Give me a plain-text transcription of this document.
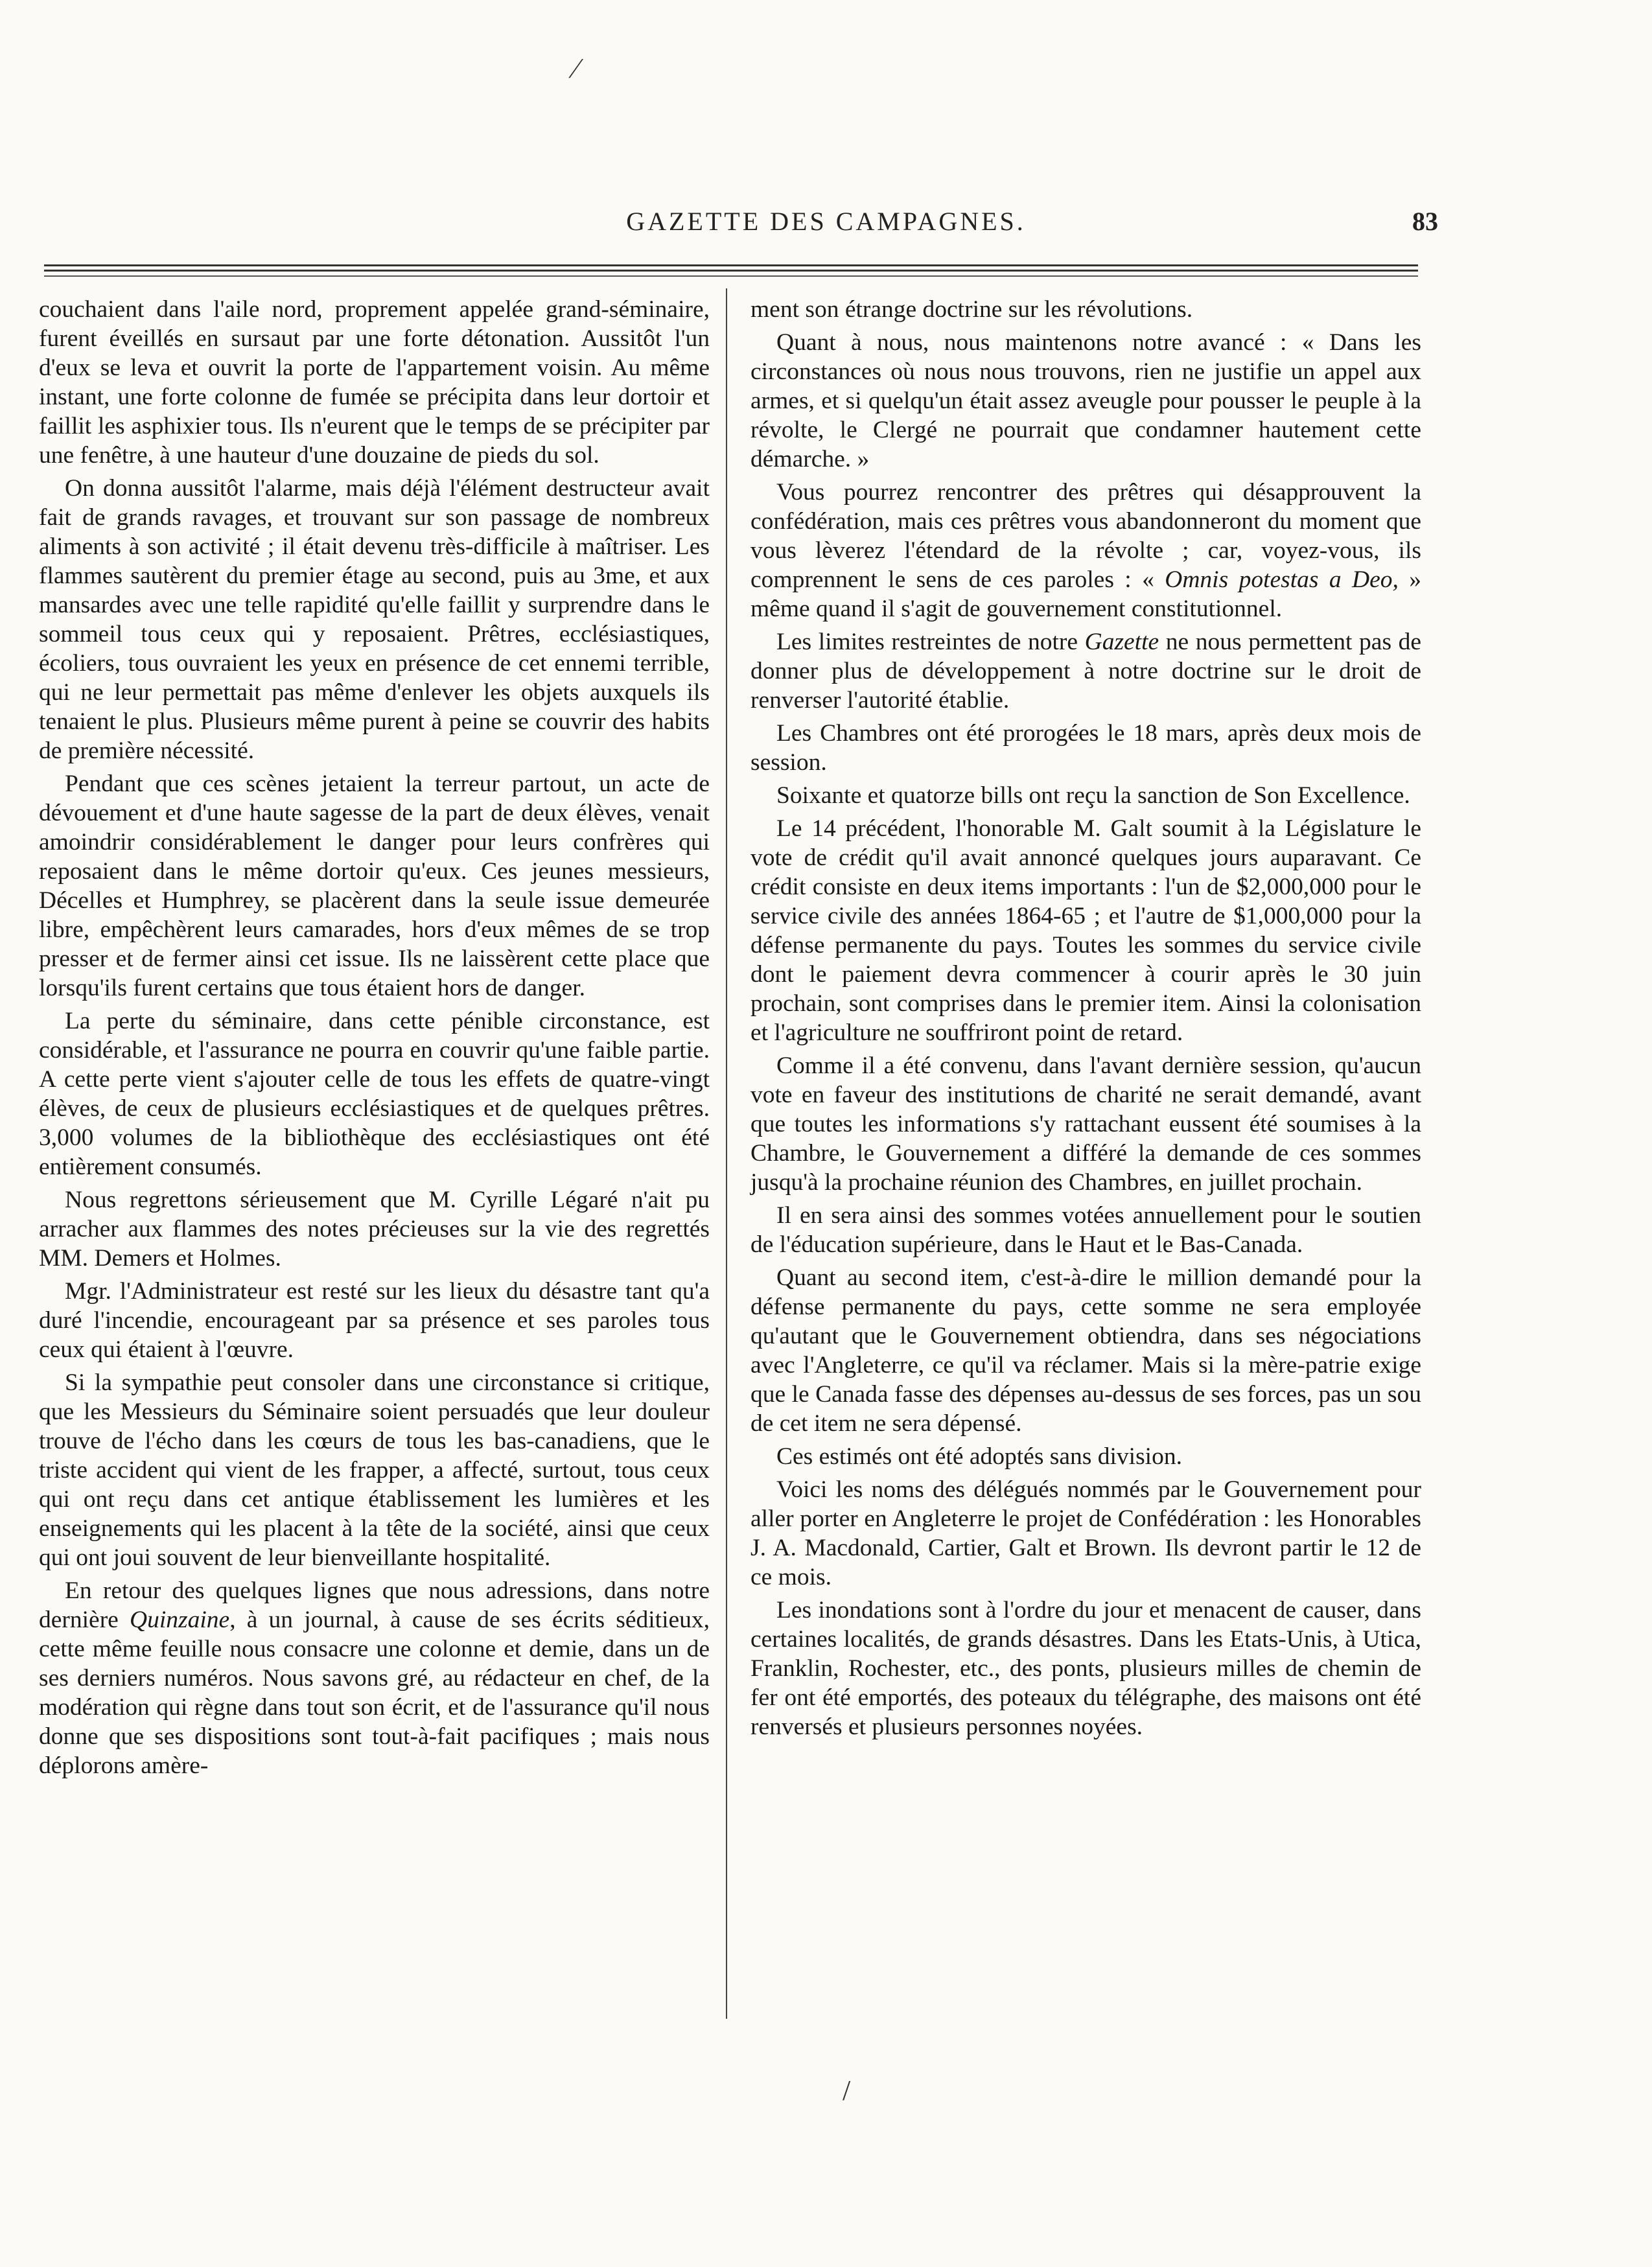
⁄
/
GAZETTE DES CAMPAGNES.	83

couchaient dans l'aile nord, proprement appelée grand-séminaire, furent éveillés en sursaut par une forte détonation. Aussitôt l'un d'eux se leva et ouvrit la porte de l'appartement voisin. Au même instant, une forte colonne de fumée se précipita dans leur dortoir et faillit les asphixier tous. Ils n'eurent que le temps de se précipiter par une fenêtre, à une hauteur d'une douzaine de pieds du sol.

On donna aussitôt l'alarme, mais déjà l'élément destructeur avait fait de grands ravages, et trouvant sur son passage de nombreux aliments à son activité ; il était devenu très-difficile à maîtriser. Les flammes sautèrent du premier étage au second, puis au 3me, et aux mansardes avec une telle rapidité qu'elle faillit y surprendre dans le sommeil tous ceux qui y reposaient. Prêtres, ecclésiastiques, écoliers, tous ouvraient les yeux en présence de cet ennemi terrible, qui ne leur permettait pas même d'enlever les objets auxquels ils tenaient le plus. Plusieurs même purent à peine se couvrir des habits de première nécessité.

Pendant que ces scènes jetaient la terreur partout, un acte de dévouement et d'une haute sagesse de la part de deux élèves, venait amoindrir considérablement le danger pour leurs confrères qui reposaient dans le même dortoir qu'eux. Ces jeunes messieurs, Décelles et Humphrey, se placèrent dans la seule issue demeurée libre, empêchèrent leurs camarades, hors d'eux mêmes de se trop presser et de fermer ainsi cet issue. Ils ne laissèrent cette place que lorsqu'ils furent certains que tous étaient hors de danger.

La perte du séminaire, dans cette pénible circonstance, est considérable, et l'assurance ne pourra en couvrir qu'une faible partie. A cette perte vient s'ajouter celle de tous les effets de quatre-vingt élèves, de ceux de plusieurs ecclésiastiques et de quelques prêtres. 3,000 volumes de la bibliothèque des ecclésiastiques ont été entièrement consumés.

Nous regrettons sérieusement que M. Cyrille Légaré n'ait pu arracher aux flammes des notes précieuses sur la vie des regrettés MM. Demers et Holmes.

Mgr. l'Administrateur est resté sur les lieux du désastre tant qu'a duré l'incendie, encourageant par sa présence et ses paroles tous ceux qui étaient à l'œuvre.

Si la sympathie peut consoler dans une circonstance si critique, que les Messieurs du Séminaire soient persuadés que leur douleur trouve de l'écho dans les cœurs de tous les bas-canadiens, que le triste accident qui vient de les frapper, a affecté, surtout, tous ceux qui ont reçu dans cet antique établissement les lumières et les enseignements qui les placent à la tête de la société, ainsi que ceux qui ont joui souvent de leur bienveillante hospitalité.

En retour des quelques lignes que nous adressions, dans notre dernière Quinzaine, à un journal, à cause de ses écrits séditieux, cette même feuille nous consacre une colonne et demie, dans un de ses derniers numéros. Nous savons gré, au rédacteur en chef, de la modération qui règne dans tout son écrit, et de l'assurance qu'il nous donne que ses dispositions sont tout-à-fait pacifiques ; mais nous déplorons amère-

ment son étrange doctrine sur les révolutions.

Quant à nous, nous maintenons notre avancé : « Dans les circonstances où nous nous trouvons, rien ne justifie un appel aux armes, et si quelqu'un était assez aveugle pour pousser le peuple à la révolte, le Clergé ne pourrait que condamner hautement cette démarche. »

Vous pourrez rencontrer des prêtres qui désapprouvent la confédération, mais ces prêtres vous abandonneront du moment que vous lèverez l'étendard de la révolte ; car, voyez-vous, ils comprennent le sens de ces paroles : « Omnis potestas a Deo, » même quand il s'agit de gouvernement constitutionnel.

Les limites restreintes de notre Gazette ne nous permettent pas de donner plus de développement à notre doctrine sur le droit de renverser l'autorité établie.

Les Chambres ont été prorogées le 18 mars, après deux mois de session.

Soixante et quatorze bills ont reçu la sanction de Son Excellence.

Le 14 précédent, l'honorable M. Galt soumit à la Législature le vote de crédit qu'il avait annoncé quelques jours auparavant. Ce crédit consiste en deux items importants : l'un de $2,000,000 pour le service civile des années 1864-65 ; et l'autre de $1,000,000 pour la défense permanente du pays. Toutes les sommes du service civile dont le paiement devra commencer à courir après le 30 juin prochain, sont comprises dans le premier item. Ainsi la colonisation et l'agriculture ne souffriront point de retard.

Comme il a été convenu, dans l'avant dernière session, qu'aucun vote en faveur des institutions de charité ne serait demandé, avant que toutes les informations s'y rattachant eussent été soumises à la Chambre, le Gouvernement a différé la demande de ces sommes jusqu'à la prochaine réunion des Chambres, en juillet prochain.

Il en sera ainsi des sommes votées annuellement pour le soutien de l'éducation supérieure, dans le Haut et le Bas-Canada.

Quant au second item, c'est-à-dire le million demandé pour la défense permanente du pays, cette somme ne sera employée qu'autant que le Gouvernement obtiendra, dans ses négociations avec l'Angleterre, ce qu'il va réclamer. Mais si la mère-patrie exige que le Canada fasse des dépenses au-dessus de ses forces, pas un sou de cet item ne sera dépensé.

Ces estimés ont été adoptés sans division.

Voici les noms des délégués nommés par le Gouvernement pour aller porter en Angleterre le projet de Confédération : les Honorables J. A. Macdonald, Cartier, Galt et Brown. Ils devront partir le 12 de ce mois.

Les inondations sont à l'ordre du jour et menacent de causer, dans certaines localités, de grands désastres. Dans les Etats-Unis, à Utica, Franklin, Rochester, etc., des ponts, plusieurs milles de chemin de fer ont été emportés, des poteaux du télégraphe, des maisons ont été renversés et plusieurs personnes noyées.
